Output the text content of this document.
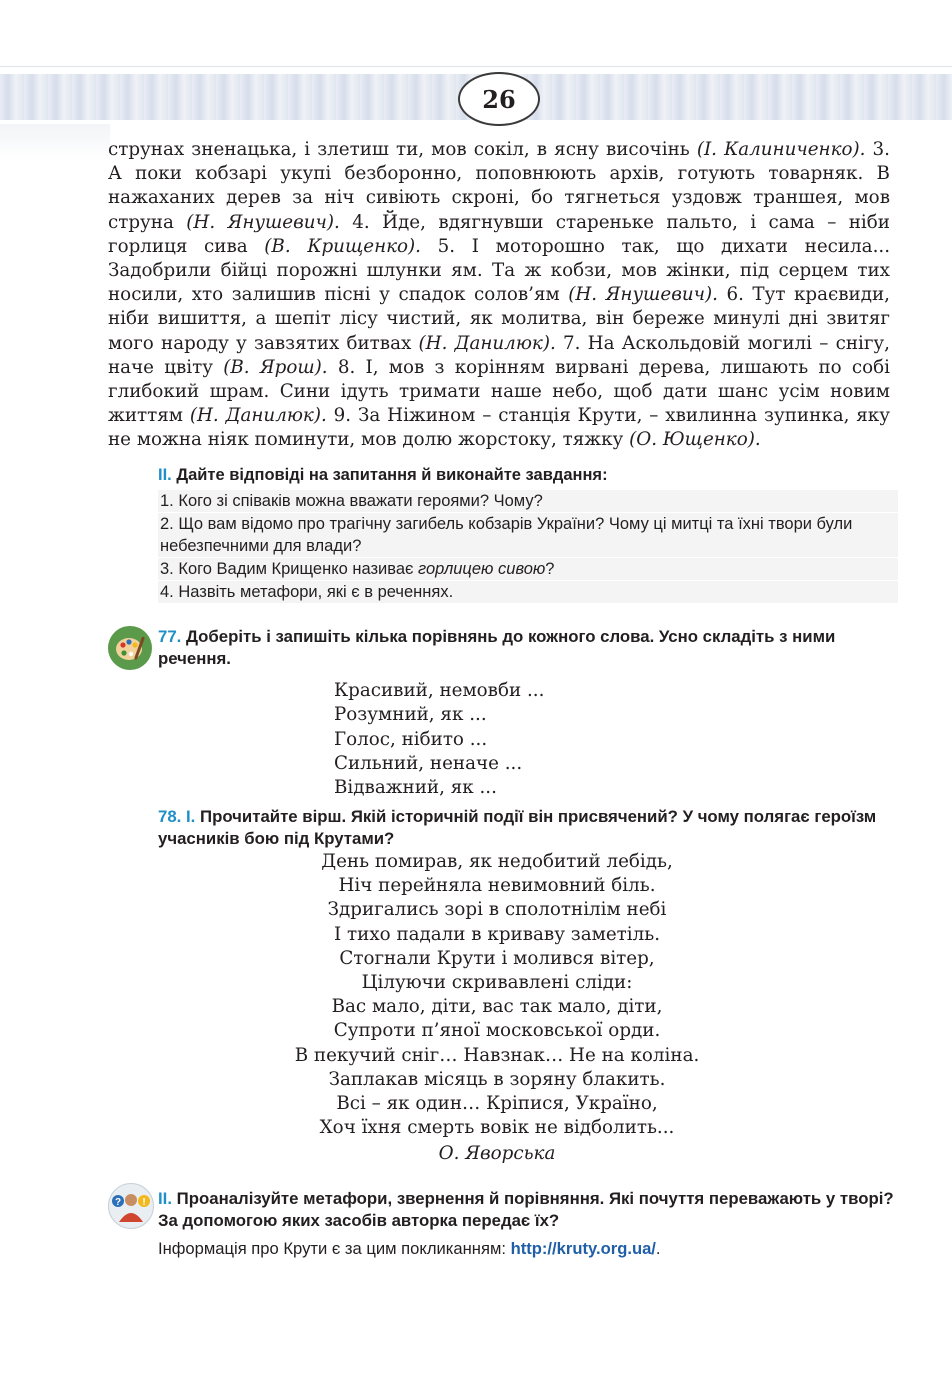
26
струнах зненацька, і злетиш ти, мов сокіл, в ясну височінь (І. Калиниченко). 3. А поки кобзарі укупі безборонно, поповнюють архів, готують товарняк. В нажаханих дерев за ніч сивіють скроні, бо тягнеться уздовж траншея, мов струна (Н. Янушевич). 4. Йде, вдягнувши стареньке пальто, і сама – ніби горлиця сива (В. Крищенко). 5. І моторошно так, що дихати несила... Задобрили бійці порожні шлунки ям. Та ж кобзи, мов жінки, під серцем тих носили, хто залишив пісні у спадок солов’ям (Н. Янушевич). 6. Тут краєвиди, ніби вишиття, а шепіт лісу чистий, як молитва, він береже минулі дні звитяг мого народу у завзятих битвах (Н. Данилюк). 7. На Аскольдовій могилі – снігу, наче цвіту (В. Ярош). 8. І, мов з корінням вирвані дерева, лишають по собі глибокий шрам. Сини ідуть тримати наше небо, щоб дати шанс усім новим життям (Н. Данилюк). 9. За Ніжином – станція Крути, – хвилинна зупинка, яку не можна ніяк поминути, мов долю жорстоку, тяжку (О. Ющенко).
ІІ. Дайте відповіді на запитання й виконайте завдання:
1. Кого зі співаків можна вважати героями? Чому?
2. Що вам відомо про трагічну загибель кобзарів України? Чому ці митці та їхні твори були небезпечними для влади?
3. Кого Вадим Крищенко називає горлицею сивою?
4. Назвіть метафори, які є в реченнях.
77. Доберіть і запишіть кілька порівнянь до кожного слова. Усно складіть з ними речення.
Красивий, немовби ...
Розумний, як ...
Голос, нібито ...
Сильний, неначе ...
Відважний, як ...
78. І. Прочитайте вірш. Якій історичній події він присвячений? У чому полягає героїзм учасників бою під Крутами?
День помирав, як недобитий лебідь,
Ніч перейняла невимовний біль.
Здригались зорі в сполотнілім небі
І тихо падали в криваву заметіль.
Стогнали Крути і молився вітер,
Цілуючи скривавлені сліди:
Вас мало, діти, вас так мало, діти,
Супроти п’яної московської орди.
В пекучий сніг… Навзнак… Не на коліна.
Заплакав місяць в зоряну блакить.
Всі – як один… Кріпися, Україно,
Хоч їхня смерть вовік не відболить...
О. Яворська
? ! ІІ. Проаналізуйте метафори, звернення й порівняння. Які почуття переважають у творі? За допомогою яких засобів авторка передає їх?
Інформація про Крути є за цим покликанням: http://kruty.org.ua/.
